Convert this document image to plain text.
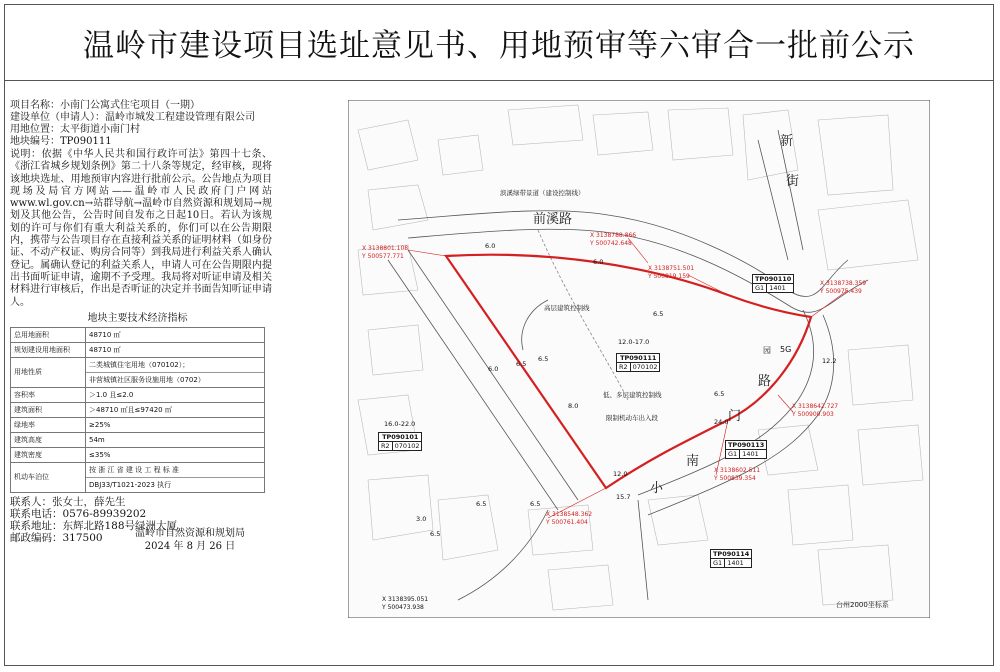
温岭市建设项目选址意见书、用地预审等六审合一批前公示
项目名称：小南门公寓式住宅项目（一期）
建设单位（申请人）：温岭市城发工程建设管理有限公司
用地位置：太平街道小南门村
地块编号：TP090111
说明：依据《中华人民共和国行政许可法》第四十七条、《浙江省城乡规划条例》第二十八条等规定，经审核，现将该地块选址、用地预审内容进行批前公示。公告地点为项目现场及局官方网站——温岭市人民政府门户网站www.wl.gov.cn→站群导航→温岭市自然资源和规划局→规划及其他公告，公告时间自发布之日起10日。若认为该规划的许可与你们有重大利益关系的，你们可以在公告期限内，携带与公告项目存在直接利益关系的证明材料（如身份证、不动产权证、购房合同等）到我局进行利益关系人确认登记。属确认登记的利益关系人，申请人可在公告期限内提出书面听证申请，逾期不予受理。我局将对听证申请及相关材料进行审核后，作出是否听证的决定并书面告知听证申请人。
地块主要技术经济指标
总用地面积	48710 ㎡

规划建设用地面积	48710 ㎡

用地性质	二类城镇住宅用地（070102）；
非营城镇社区服务设施用地（0702）

容积率	＞1.0 且≤2.0

建筑面积	＞48710 ㎡且≤97420 ㎡

绿地率	≥25%

建筑高度	54m

建筑密度	≤35%

机动车泊位	按 浙 江 省 建 设 工 程 标 准
DBJ33/T1021-2023 执行
联系人：张女士，薛先生
联系电话：0576-89939202
联系地址：东辉北路188号绿洲大厦
邮政编码：317500	温岭市自然资源和规划局
2024 年 8 月 26 日
前溪路
新
街
小
南
门
路
滨溪绿带景道（建设控制线）
高层建筑控制线
低、多层建筑控制线
限制机动车出入段
园 5G
12.0-17.0
16.0-22.0
台州2000坐标系
12.2
15.7
6.0
6.0
6.5
6.5
6.5
6.0
8.0
6.5
6.5
6.5
3.0
6.5
12.0
24.0
TP090111
R2 070102
TP090110
G1 1401
TP090101
R2 070102	TP090113
G1 1401
TP090114
G1 1401
X 3138801.108
Y 500577.771
X 3138788.866
Y 500742.648
X 3138751.501
Y 500819.159
X 3138738.359
Y 500975.439
X 3138642.727
Y 500900.903
X 3138602.511
Y 500839.354
X 3138548.362
Y 500761.404
X 3138395.051
Y 500473.938
